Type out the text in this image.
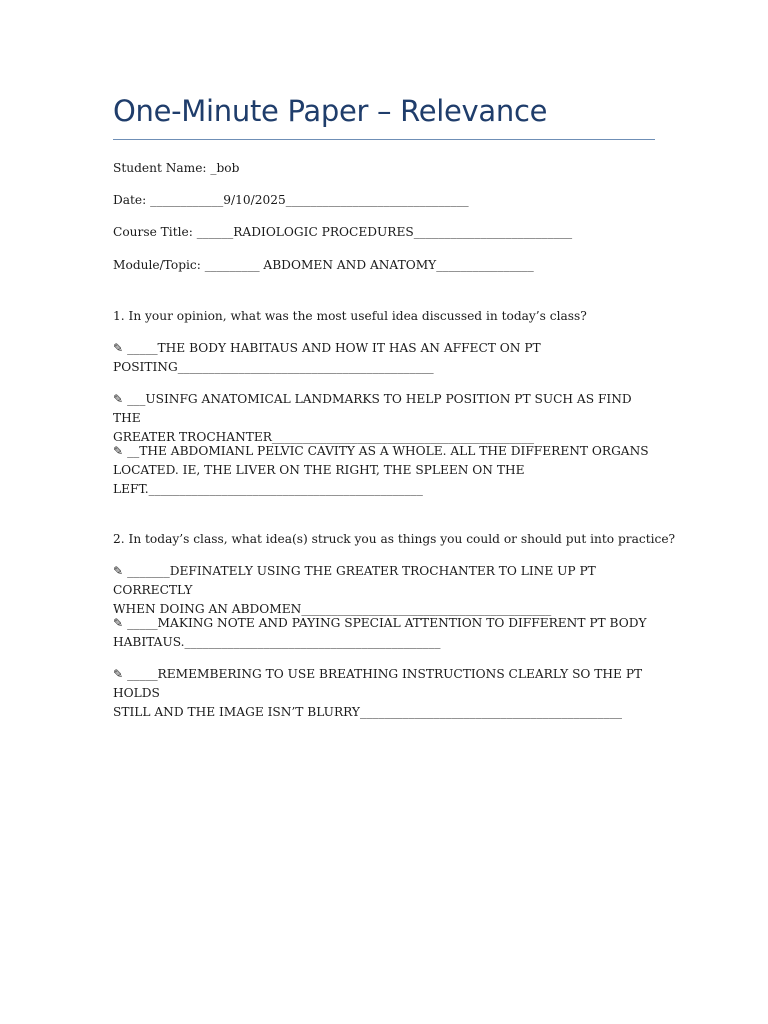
One-Minute Paper – Relevance
Student Name: _bob
Date: ____________9/10/2025______________________________
Course Title: ______RADIOLOGIC PROCEDURES__________________________
Module/Topic: _________ ABDOMEN AND ANATOMY________________
1. In your opinion, what was the most useful idea discussed in today’s class?
✎ _____THE BODY HABITAUS AND HOW IT HAS AN AFFECT ON PT
POSITING__________________________________________
✎ ___USINFG ANATOMICAL LANDMARKS TO HELP POSITION PT SUCH AS FIND THE
GREATER TROCHANTER___________________________________________
✎ __THE ABDOMIANL PELVIC CAVITY AS A WHOLE. ALL THE DIFFERENT ORGANS
LOCATED. IE, THE LIVER ON THE RIGHT, THE SPLEEN ON THE
LEFT._____________________________________________
2. In today’s class, what idea(s) struck you as things you could or should put into practice?
✎ _______DEFINATELY USING THE GREATER TROCHANTER TO LINE UP PT CORRECTLY
WHEN DOING AN ABDOMEN_________________________________________
✎ _____MAKING NOTE AND PAYING SPECIAL ATTENTION TO DIFFERENT PT BODY
HABITAUS.__________________________________________
✎ _____REMEMBERING TO USE BREATHING INSTRUCTIONS CLEARLY SO THE PT HOLDS
STILL AND THE IMAGE ISN’T BLURRY___________________________________________
